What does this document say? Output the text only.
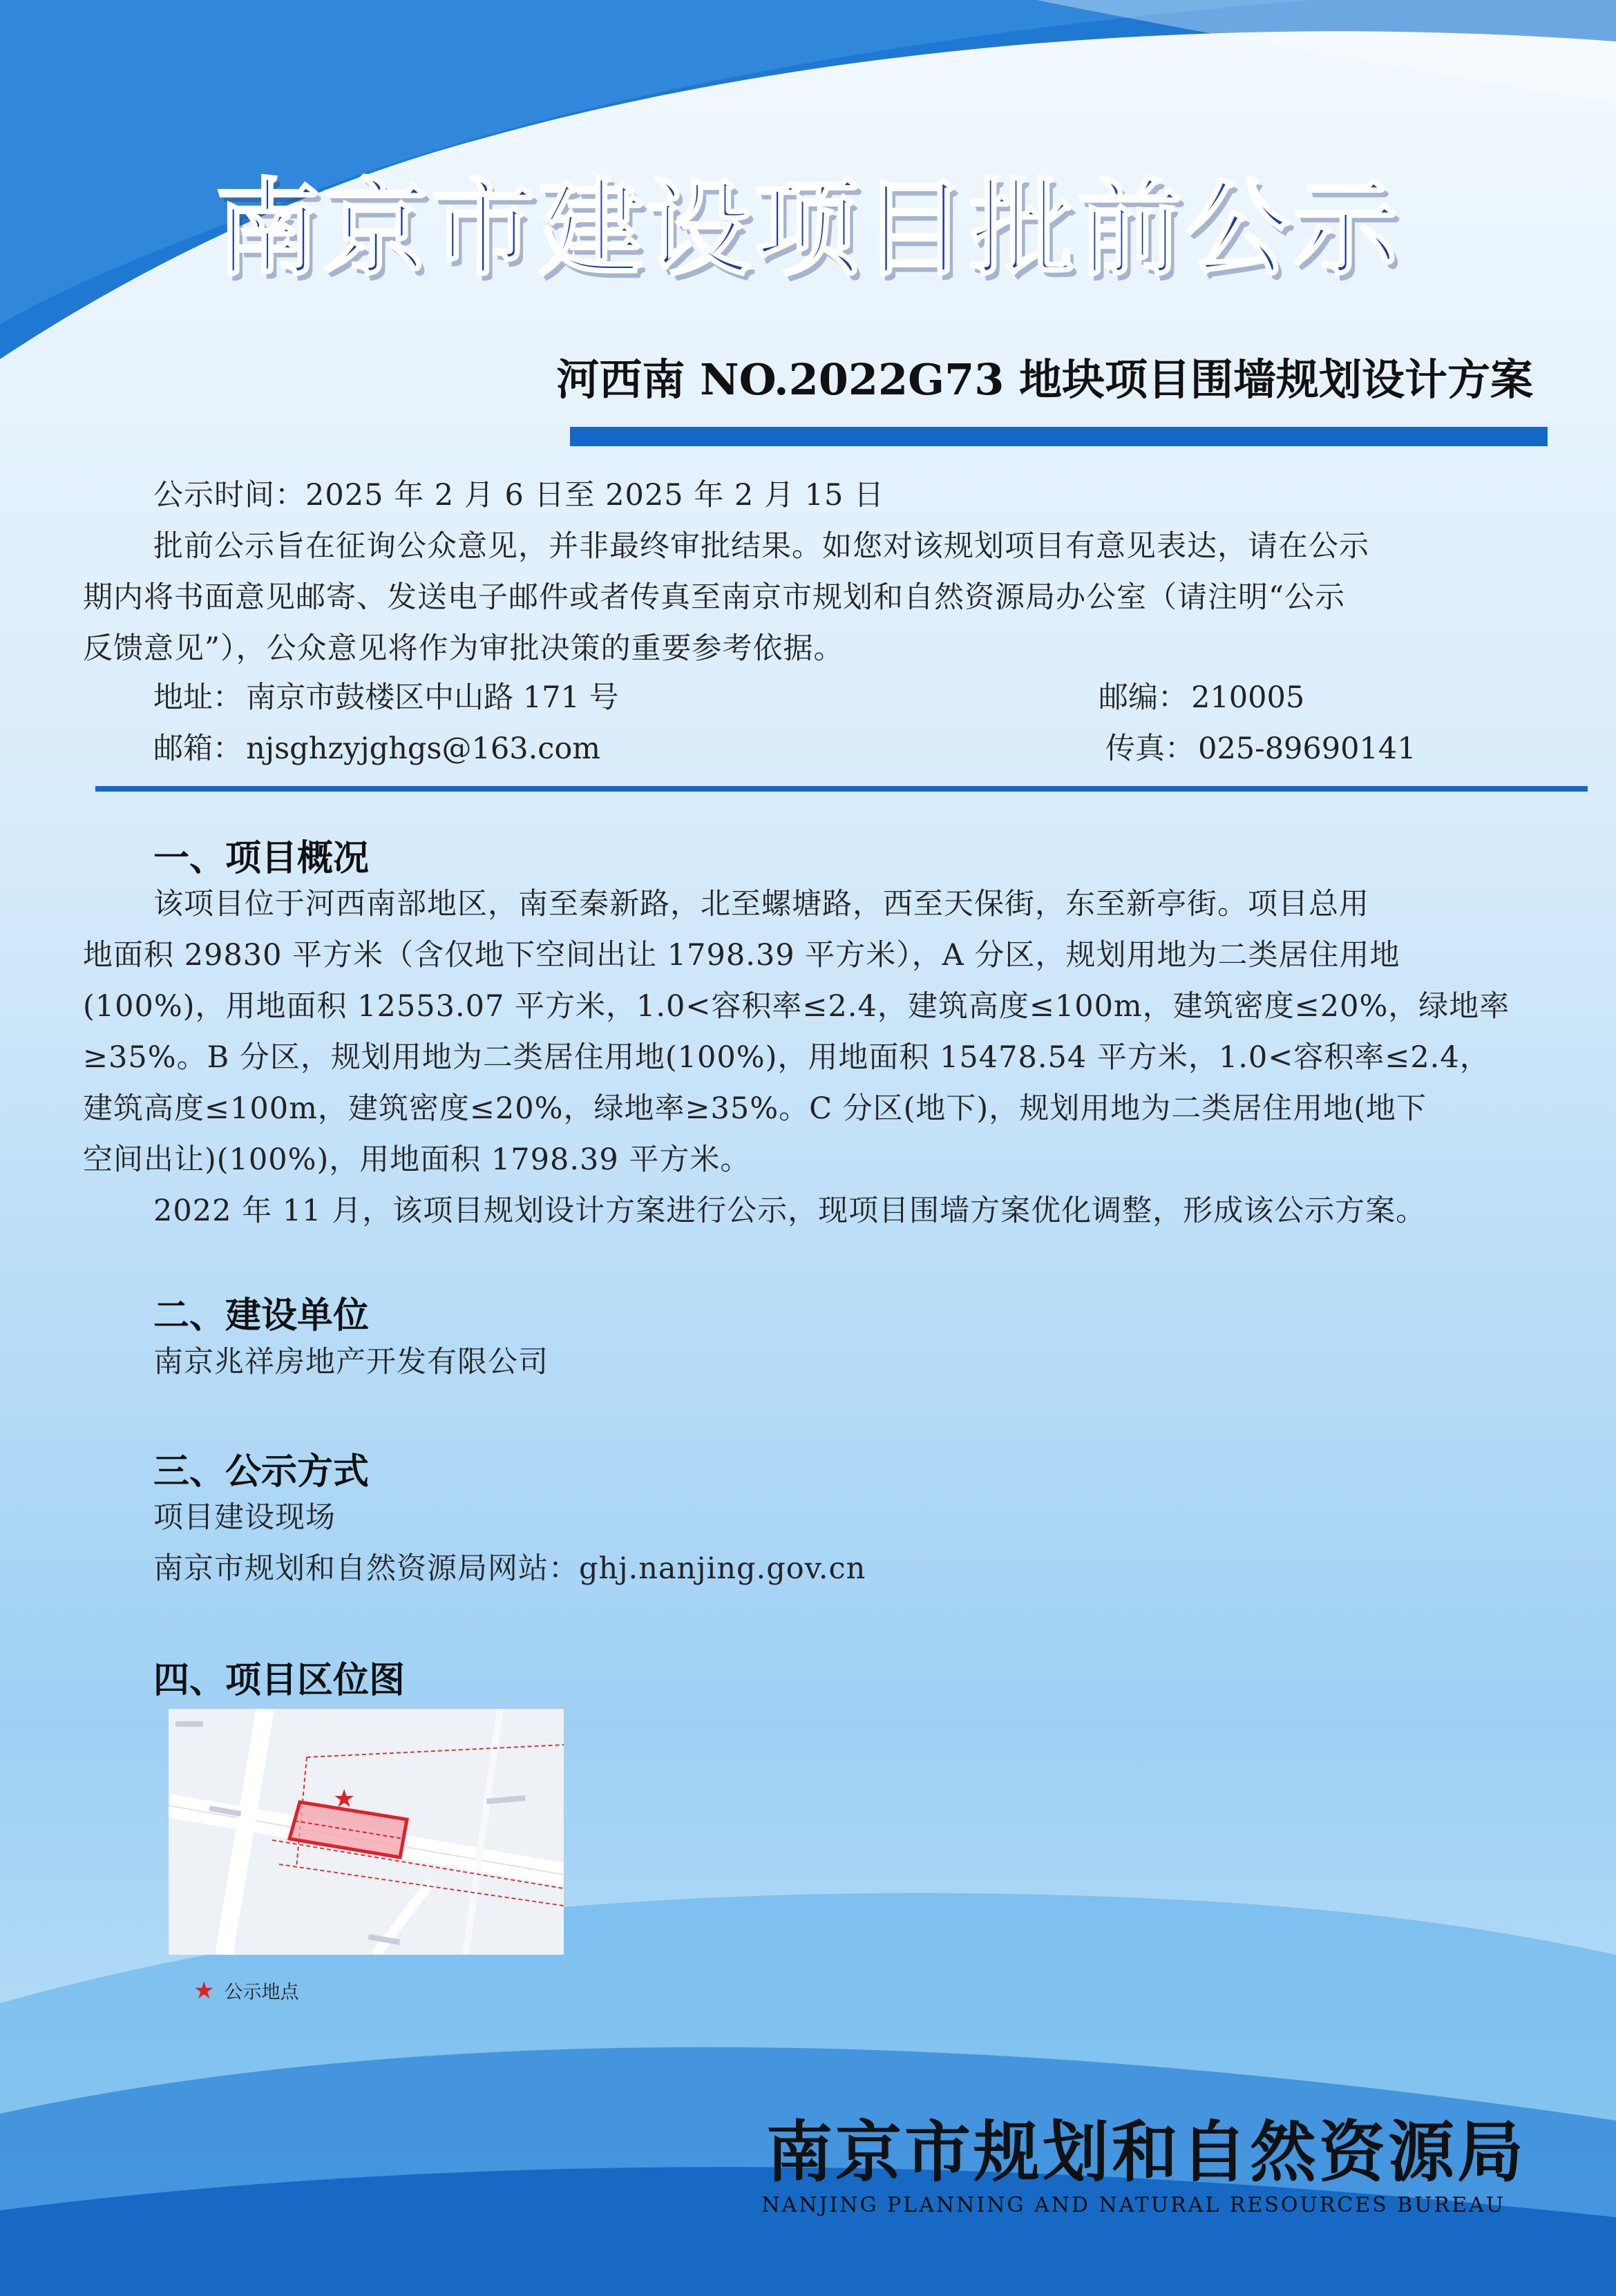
南京市建设项目批前公示
河西南 NO.2022G73 地块项目围墙规划设计方案
公示时间：2025 年 2 月 6 日至 2025 年 2 月 15 日
批前公示旨在征询公众意见，并非最终审批结果。如您对该规划项目有意见表达，请在公示
期内将书面意见邮寄、发送电子邮件或者传真至南京市规划和自然资源局办公室（请注明“公示
反馈意见”），公众意见将作为审批决策的重要参考依据。
地址： 南京市鼓楼区中山路 171 号	邮编： 210005
邮箱： njsghzyjghgs@163.com	传真： 025-89690141
一、项目概况
该项目位于河西南部地区，南至秦新路，北至螺塘路，西至天保街，东至新亭街。项目总用
地面积 29830 平方米（含仅地下空间出让 1798.39 平方米），A 分区，规划用地为二类居住用地
(100%)，用地面积 12553.07 平方米，1.0<容积率≤2.4，建筑高度≤100m，建筑密度≤20%，绿地率
≥35%。B 分区，规划用地为二类居住用地(100%)，用地面积 15478.54 平方米，1.0<容积率≤2.4，
建筑高度≤100m，建筑密度≤20%，绿地率≥35%。C 分区(地下)，规划用地为二类居住用地(地下
空间出让)(100%)，用地面积 1798.39 平方米。
2022 年 11 月，该项目规划设计方案进行公示，现项目围墙方案优化调整，形成该公示方案。
二、建设单位
南京兆祥房地产开发有限公司
三、公示方式
项目建设现场
南京市规划和自然资源局网站：ghj.nanjing.gov.cn
四、项目区位图
★
★ 公示地点
南京市规划和自然资源局
NANJING PLANNING AND NATURAL RESOURCES BUREAU
